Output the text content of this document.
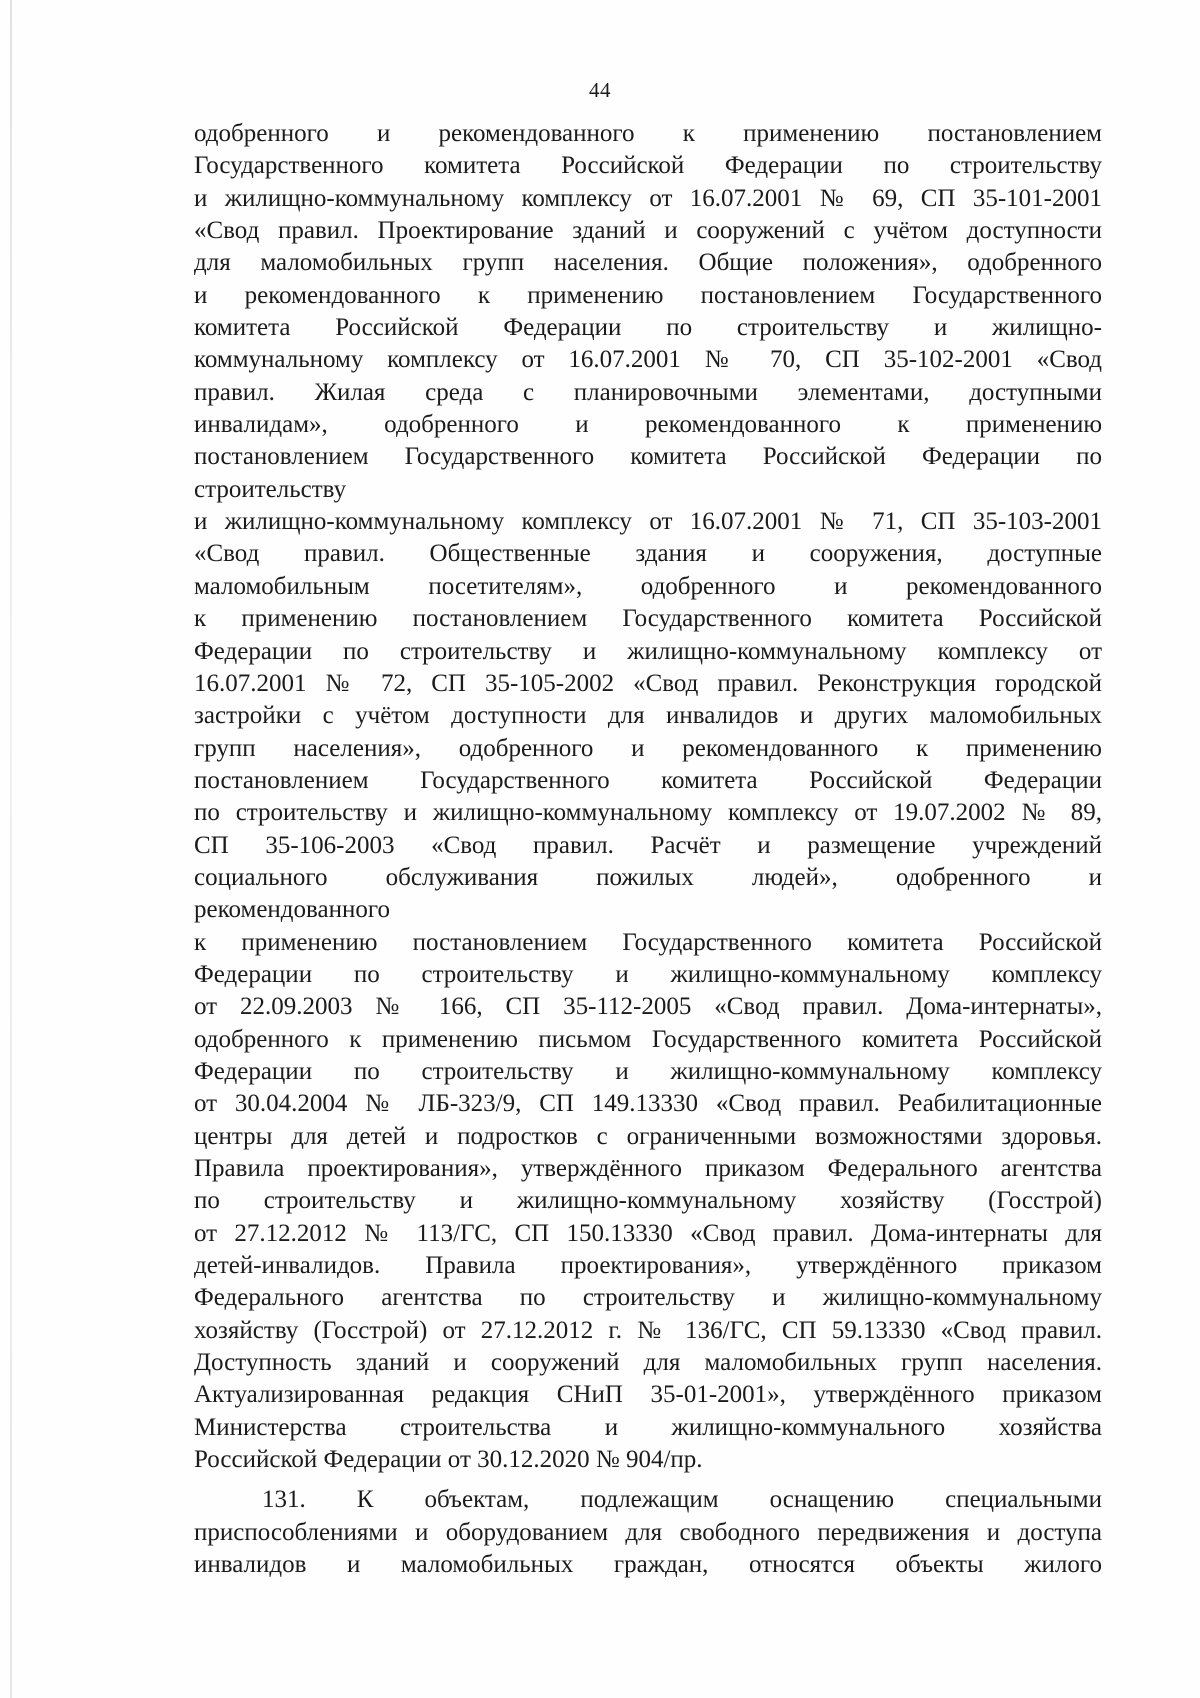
44
одобренного и рекомендованного к применению постановлением
Государственного комитета Российской Федерации по строительству
и жилищно-коммунальному комплексу от 16.07.2001 № 69, СП 35-101-2001
«Свод правил. Проектирование зданий и сооружений с учётом доступности
для маломобильных групп населения. Общие положения», одобренного
и рекомендованного к применению постановлением Государственного
комитета Российской Федерации по строительству и жилищно-
коммунальному комплексу от 16.07.2001 № 70, СП 35-102-2001 «Свод
правил. Жилая среда с планировочными элементами, доступными
инвалидам», одобренного и рекомендованного к применению
постановлением Государственного комитета Российской Федерации по
строительству
и жилищно-коммунальному комплексу от 16.07.2001 № 71, СП 35-103-2001
«Свод правил. Общественные здания и сооружения, доступные
маломобильным посетителям», одобренного и рекомендованного
к применению постановлением Государственного комитета Российской
Федерации по строительству и жилищно-коммунальному комплексу от
16.07.2001 № 72, СП 35-105-2002 «Свод правил. Реконструкция городской
застройки с учётом доступности для инвалидов и других маломобильных
групп населения», одобренного и рекомендованного к применению
постановлением Государственного комитета Российской Федерации
по строительству и жилищно-коммунальному комплексу от 19.07.2002 № 89,
СП 35-106-2003 «Свод правил. Расчёт и размещение учреждений
социального обслуживания пожилых людей», одобренного и
рекомендованного
к применению постановлением Государственного комитета Российской
Федерации по строительству и жилищно-коммунальному комплексу
от 22.09.2003 № 166, СП 35-112-2005 «Свод правил. Дома-интернаты»,
одобренного к применению письмом Государственного комитета Российской
Федерации по строительству и жилищно-коммунальному комплексу
от 30.04.2004 № ЛБ-323/9, СП 149.13330 «Свод правил. Реабилитационные
центры для детей и подростков с ограниченными возможностями здоровья.
Правила проектирования», утверждённого приказом Федерального агентства
по строительству и жилищно-коммунальному хозяйству (Госстрой)
от 27.12.2012 № 113/ГС, СП 150.13330 «Свод правил. Дома-интернаты для
детей-инвалидов. Правила проектирования», утверждённого приказом
Федерального агентства по строительству и жилищно-коммунальному
хозяйству (Госстрой) от 27.12.2012 г. № 136/ГС, СП 59.13330 «Свод правил.
Доступность зданий и сооружений для маломобильных групп населения.
Актуализированная редакция СНиП 35-01-2001», утверждённого приказом
Министерства строительства и жилищно-коммунального хозяйства
Российской Федерации от 30.12.2020 № 904/пр.
131. К объектам, подлежащим оснащению специальными
приспособлениями и оборудованием для свободного передвижения и доступа
инвалидов и маломобильных граждан, относятся объекты жилого
